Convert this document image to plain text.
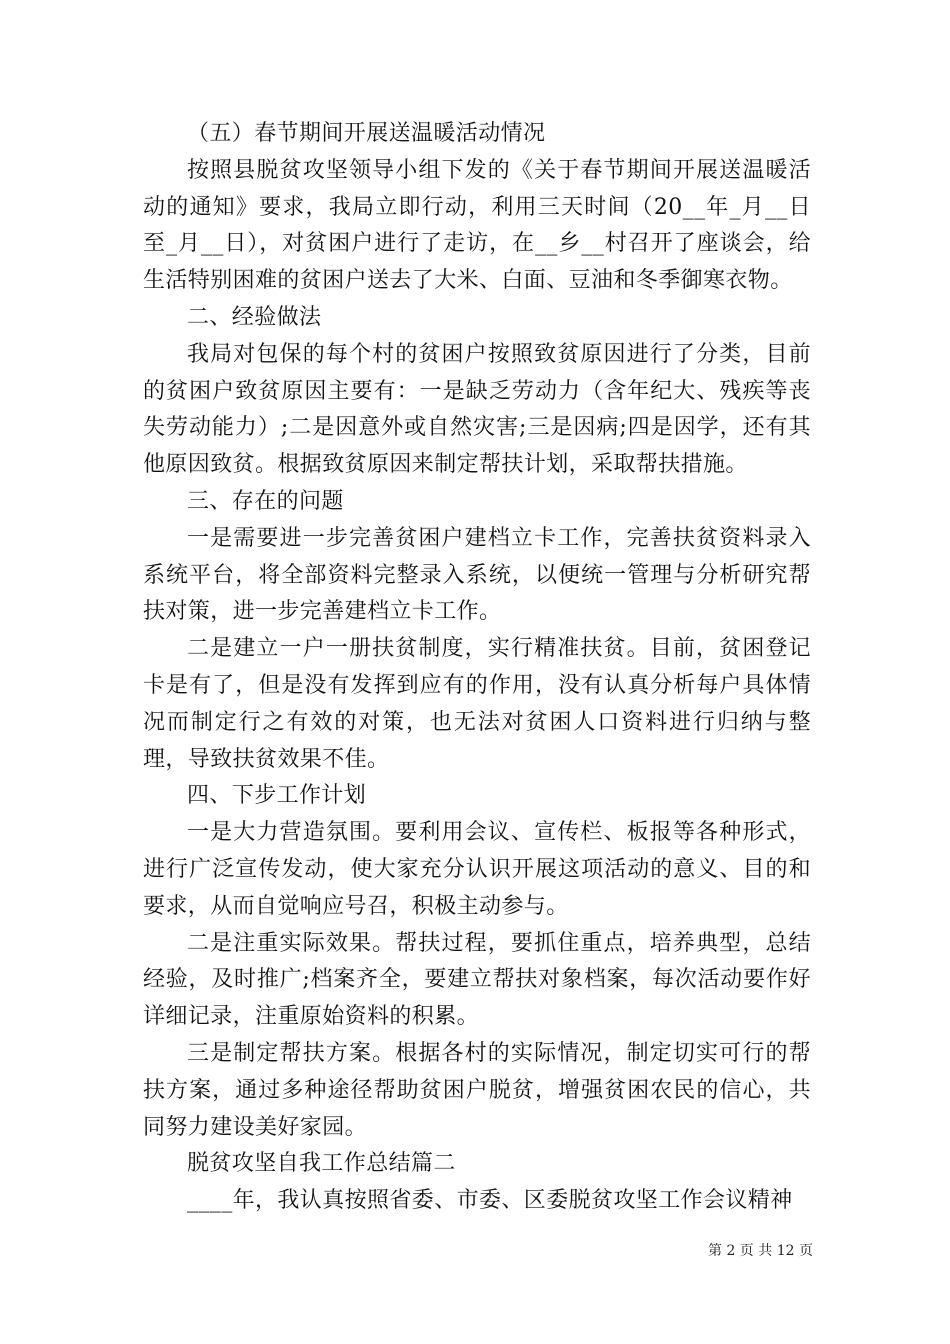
（五）春节期间开展送温暖活动情况

按照县脱贫攻坚领导小组下发的《关于春节期间开展送温暖活动的通知》要求，我局立即行动，利用三天时间（20__年_月__日至_月__日），对贫困户进行了走访，在__乡__村召开了座谈会，给生活特别困难的贫困户送去了大米、白面、豆油和冬季御寒衣物。

二、经验做法

我局对包保的每个村的贫困户按照致贫原因进行了分类，目前的贫困户致贫原因主要有：一是缺乏劳动力（含年纪大、残疾等丧失劳动能力）;二是因意外或自然灾害;三是因病;四是因学，还有其他原因致贫。根据致贫原因来制定帮扶计划，采取帮扶措施。

三、存在的问题

一是需要进一步完善贫困户建档立卡工作，完善扶贫资料录入系统平台，将全部资料完整录入系统，以便统一管理与分析研究帮扶对策，进一步完善建档立卡工作。

二是建立一户一册扶贫制度，实行精准扶贫。目前，贫困登记卡是有了，但是没有发挥到应有的作用，没有认真分析每户具体情况而制定行之有效的对策，也无法对贫困人口资料进行归纳与整理，导致扶贫效果不佳。

四、下步工作计划

一是大力营造氛围。要利用会议、宣传栏、板报等各种形式，进行广泛宣传发动，使大家充分认识开展这项活动的意义、目的和要求，从而自觉响应号召，积极主动参与。

二是注重实际效果。帮扶过程，要抓住重点，培养典型，总结经验，及时推广;档案齐全，要建立帮扶对象档案，每次活动要作好详细记录，注重原始资料的积累。

三是制定帮扶方案。根据各村的实际情况，制定切实可行的帮扶方案，通过多种途径帮助贫困户脱贫，增强贫困农民的信心，共同努力建设美好家园。

脱贫攻坚自我工作总结篇二

____年，我认真按照省委、市委、区委脱贫攻坚工作会议精神

第 2 页 共 12 页
